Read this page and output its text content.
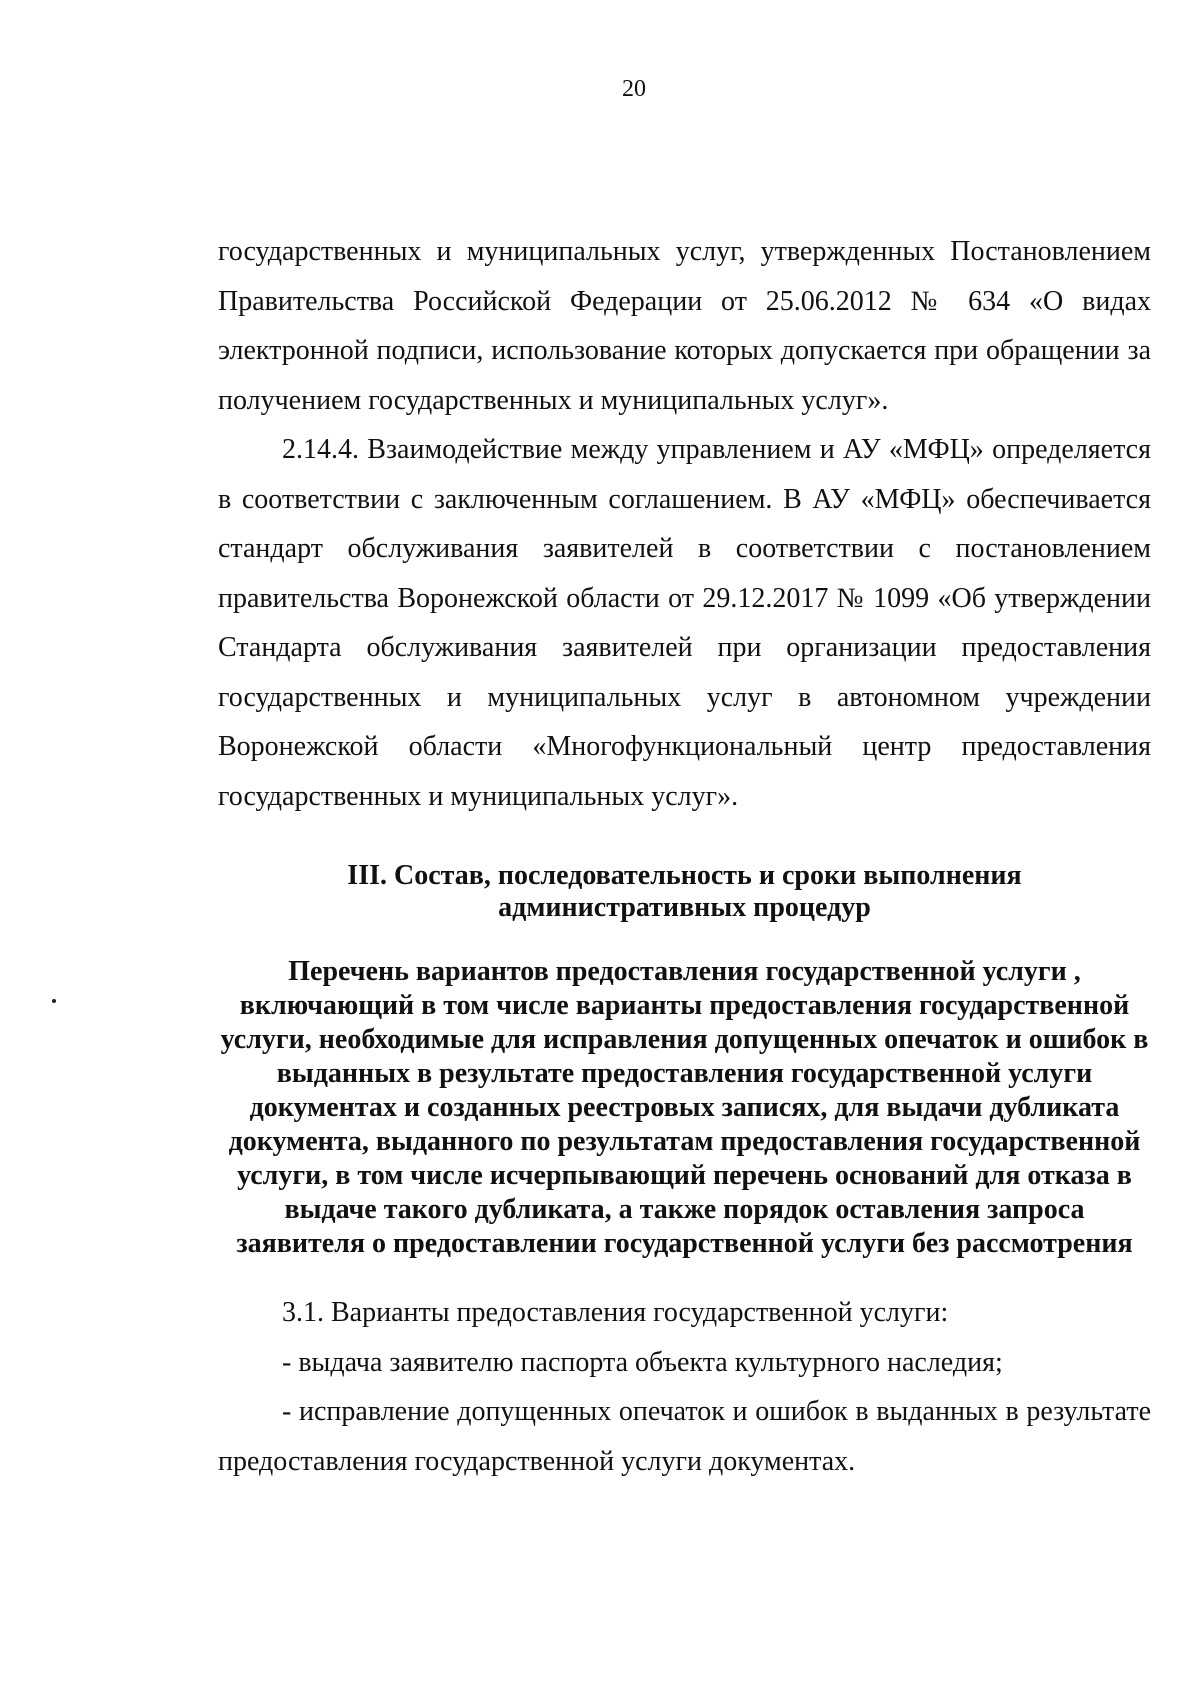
20

государственных и муниципальных услуг, утвержденных Постановлением Правительства Российской Федерации от 25.06.2012 № 634 «О видах электронной подписи, использование которых допускается при обращении за получением государственных и муниципальных услуг».

2.14.4. Взаимодействие между управлением и АУ «МФЦ» определяется в соответствии с заключенным соглашением. В АУ «МФЦ» обеспечивается стандарт обслуживания заявителей в соответствии с постановлением правительства Воронежской области от 29.12.2017 № 1099 «Об утверждении Стандарта обслуживания заявителей при организации предоставления государственных и муниципальных услуг в автономном учреждении Воронежской области «Многофункциональный центр предоставления государственных и муниципальных услуг».

III. Состав, последовательность и сроки выполнения
административных процедур
Перечень вариантов предоставления государственной услуги ,
включающий в том числе варианты предоставления государственной
услуги, необходимые для исправления допущенных опечаток и ошибок в
выданных в результате предоставления государственной услуги
документах и созданных реестровых записях, для выдачи дубликата
документа, выданного по результатам предоставления государственной
услуги, в том числе исчерпывающий перечень оснований для отказа в
выдаче такого дубликата, а также порядок оставления запроса
заявителя о предоставлении государственной услуги без рассмотрения

3.1. Варианты предоставления государственной услуги:

- выдача заявителю паспорта объекта культурного наследия;

- исправление допущенных опечаток и ошибок в выданных в результате предоставления государственной услуги документах.
